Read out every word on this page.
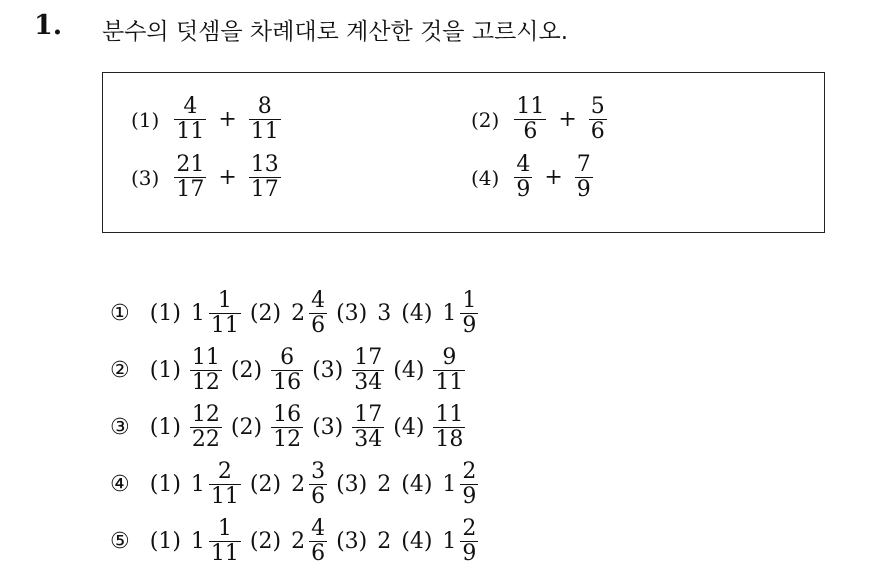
1. 분수의 덧셈을 차례대로 계산한 것을 고르시오.
$(1) \frac{4}{11} + \frac{8}{11}$	$(2) \frac{11}{6} + \frac{5}{6}$
$(3) \frac{21}{17} + \frac{13}{17}$	$(4) \frac{4}{9} + \frac{7}{9}$
① (1) $1 \frac{1}{11} (2)$ $2 \frac{4}{6} (3)$ 3 (4) $1 \frac{1}{9}$
② $(1) \frac{11}{12} (2) \frac{6}{16} (3) \frac{17}{34} (4) \frac{9}{11}$
③ $(1) \frac{12}{22} (2) \frac{16}{12} (3) \frac{17}{34} (4) \frac{11}{18}$
④ (1) $1 \frac{2}{11} (2)$ $2 \frac{3}{6} (3)$ 2 (4) $1 \frac{2}{9}$
⑤ (1) $1 \frac{1}{11} (2)$ $2 \frac{4}{6} (3)$ 2 (4) $1 \frac{2}{9}$
